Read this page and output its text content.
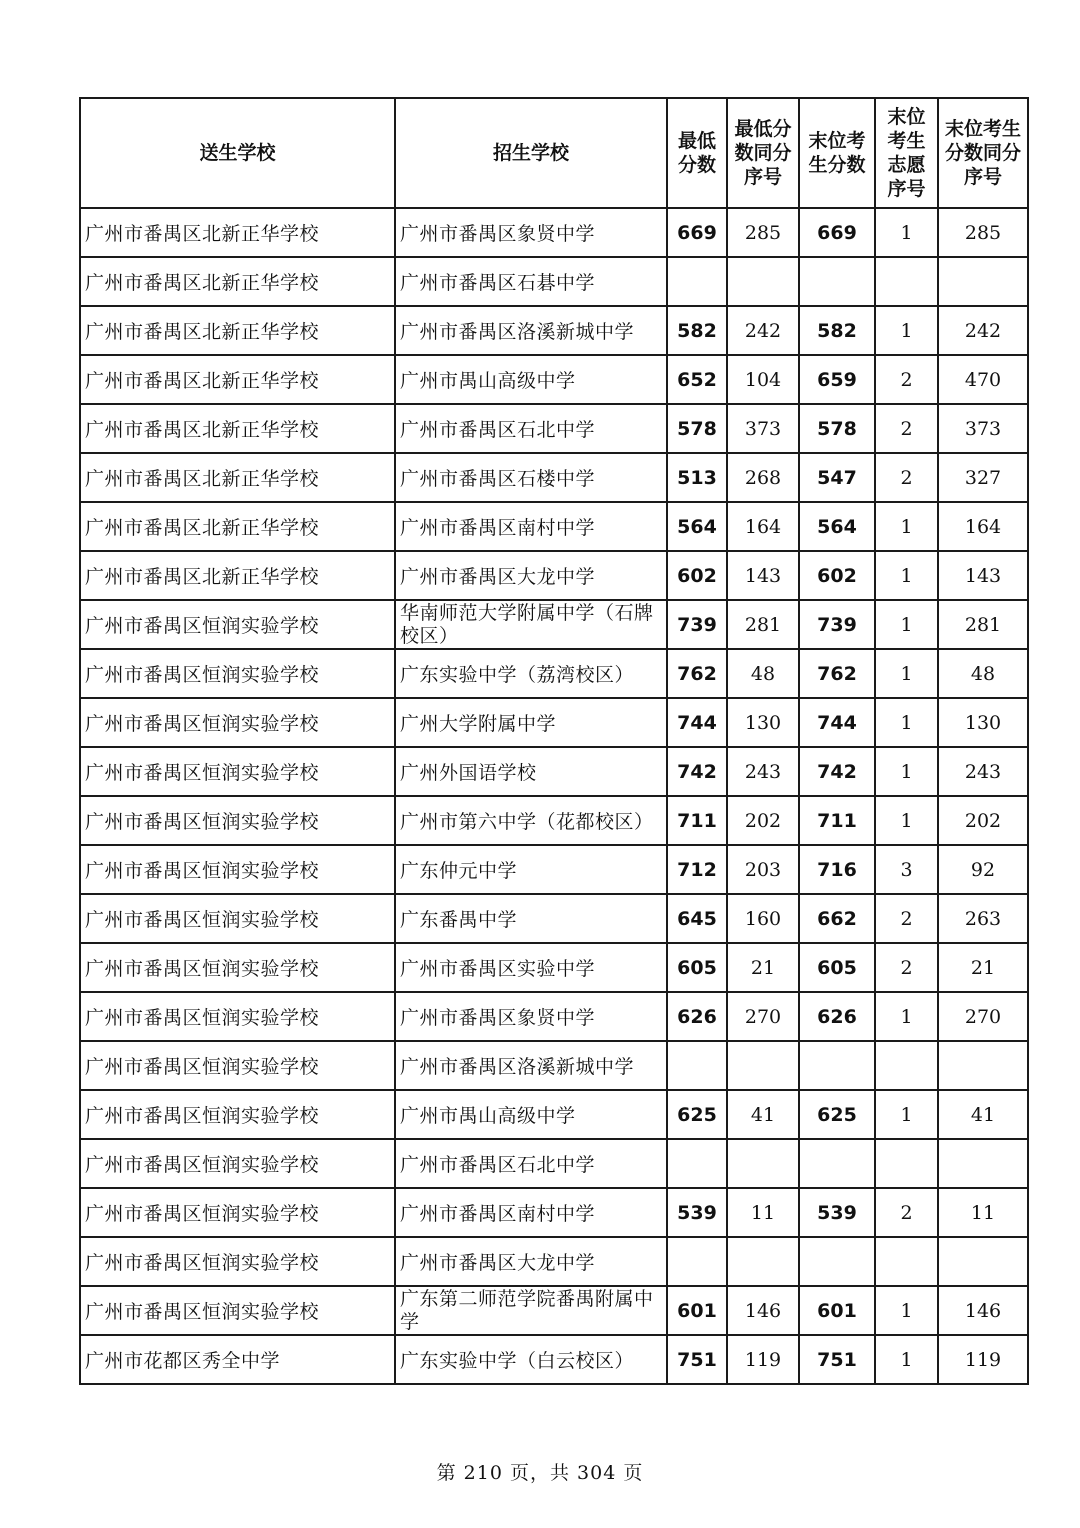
送生学校	招生学校	最低分数	最低分数同分序号	末位考生分数	末位考生志愿序号	末位考生分数同分序号
广州市番禺区北新正华学校	广州市番禺区象贤中学	669	285	669	1	285
广州市番禺区北新正华学校	广州市番禺区石碁中学					
广州市番禺区北新正华学校	广州市番禺区洛溪新城中学	582	242	582	1	242
广州市番禺区北新正华学校	广州市禺山高级中学	652	104	659	2	470
广州市番禺区北新正华学校	广州市番禺区石北中学	578	373	578	2	373
广州市番禺区北新正华学校	广州市番禺区石楼中学	513	268	547	2	327
广州市番禺区北新正华学校	广州市番禺区南村中学	564	164	564	1	164
广州市番禺区北新正华学校	广州市番禺区大龙中学	602	143	602	1	143
广州市番禺区恒润实验学校	华南师范大学附属中学（石牌校区）	739	281	739	1	281
广州市番禺区恒润实验学校	广东实验中学（荔湾校区）	762	48	762	1	48
广州市番禺区恒润实验学校	广州大学附属中学	744	130	744	1	130
广州市番禺区恒润实验学校	广州外国语学校	742	243	742	1	243
广州市番禺区恒润实验学校	广州市第六中学（花都校区）	711	202	711	1	202
广州市番禺区恒润实验学校	广东仲元中学	712	203	716	3	92
广州市番禺区恒润实验学校	广东番禺中学	645	160	662	2	263
广州市番禺区恒润实验学校	广州市番禺区实验中学	605	21	605	2	21
广州市番禺区恒润实验学校	广州市番禺区象贤中学	626	270	626	1	270
广州市番禺区恒润实验学校	广州市番禺区洛溪新城中学					
广州市番禺区恒润实验学校	广州市禺山高级中学	625	41	625	1	41
广州市番禺区恒润实验学校	广州市番禺区石北中学					
广州市番禺区恒润实验学校	广州市番禺区南村中学	539	11	539	2	11
广州市番禺区恒润实验学校	广州市番禺区大龙中学					
广州市番禺区恒润实验学校	广东第二师范学院番禺附属中学	601	146	601	1	146
广州市花都区秀全中学	广东实验中学（白云校区）	751	119	751	1	119
第 210 页，共 304 页
